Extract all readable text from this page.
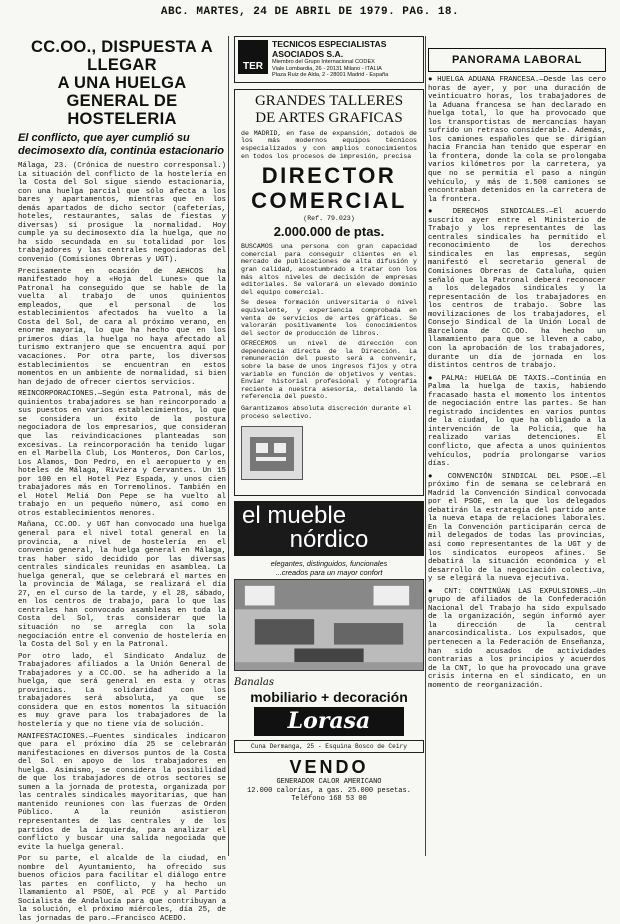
ABC. MARTES, 24 DE ABRIL DE 1979. PAG. 18.
CC.OO., DISPUESTA A LLEGAR
A UNA HUELGA GENERAL DE
HOSTELERIA
El conflicto, que ayer cumplió su decimosexto día, continúa estacionario

Málaga, 23. (Crónica de nuestro corresponsal.) La situación del conflicto de la hostelería en la Costa del Sol sigue siendo estacionaria, con una huelga parcial que sólo afecta a los bares y apartamentos, mientras que en los demás apartados de dicho sector (cafeterías, hoteles, restaurantes, salas de fiestas y diversas) sí prosigue la normalidad. Hoy cumple ya su decimosexto día la huelga, que no ha sido secundada en su totalidad por los trabajadores y las centrales negociadoras del convenio (Comisiones Obreras y UGT).

Precisamente en ocasión de AEHCOS ha manifestado hoy a «Hoja del Lunes» que la Patronal ha conseguido que se hable de la vuelta al trabajo de unos quinientos empleados, que el personal de los establecimientos afectados ha vuelto a la Costa del Sol, de cara al próximo verano, en enorme mayoría, lo que ha hecho que en los primeros días la huelga no haya afectado al turismo extranjero que se encuentra aquí por vacaciones. Por otra parte, los diversos establecimientos se encuentran en estos momentos en un ambiente de normalidad, si bien han dejado de ofrecer ciertos servicios.

REINCORPORACIONES.—Según esta Patronal, más de quinientos trabajadores se han reincorporado a sus puestos en varios establecimientos, lo que se considera un éxito de la postura negociadora de los empresarios, que consideran que las reivindicaciones planteadas son excesivas. La reincorporación ha tenido lugar en el Marbella Club, Los Monteros, Don Carlos, Los Alamos, Don Pedro, en el aeropuerto y en hoteles de Málaga, Riviera y Cervantes. Un 15 por 100 en el Hotel Pez Espada, y unos cien trabajadores más en Torremolinos. También en el Hotel Meliá Don Pepe se ha vuelto al trabajo en un pequeño número, así como en otros establecimientos menores.

Mañana, CC.OO. y UGT han convocado una huelga general para el nivel total general en la provincia, a nivel de hostelería en el convenio general, la huelga general en Málaga, tras haber sido decidido por las diversas centrales sindicales reunidas en asamblea. La huelga general, que se celebrará el martes en la provincia de Málaga, se realizará el día 27, en el curso de la tarde, y el 28, sábado, en los centros de trabajo, para lo que las centrales han convocado asambleas en toda la Costa del Sol, tras considerar que la situación no se arregla con la sola negociación entre el convenio de hostelería en la Costa del Sol y en la Patronal.

Por otro lado, el Sindicato Andaluz de Trabajadores afiliados a la Unión General de Trabajadores y a CC.OO. se ha adherido a la huelga, que será general en esta y otras provincias. La solidaridad con los trabajadores será absoluta, ya que se considera que en estos momentos la situación es muy grave para los trabajadores de la hostelería y que no tiene vía de solución.

MANIFESTACIONES.—Fuentes sindicales indicaron que para el próximo día 25 se celebrarán manifestaciones en diversos puntos de la Costa del Sol en apoyo de los trabajadores en huelga. Asimismo, se considera la posibilidad de que los trabajadores de otros sectores se sumen a la jornada de protesta, organizada por las centrales sindicales mayoritarias, que han mantenido reuniones con las fuerzas de Orden Público. A la reunión asistieron representantes de las centrales y de los partidos de la izquierda, para analizar el conflicto y buscar una salida negociada que evite la huelga general.

Por su parte, el alcalde de la ciudad, en nombre del Ayuntamiento, ha ofrecido sus buenos oficios para facilitar el diálogo entre las partes en conflicto, y ha hecho un llamamiento al PSOE, al PCE y al Partido Socialista de Andalucía para que contribuyan a la solución, el próximo miércoles, día 25, de las jornadas de paro.—Francisco ACEDO.

TER
TECNICOS ESPECIALISTAS
ASOCIADOS S.A.
Miembro del Grupo Internacional CODEX
Viale Lombardia, 26 - 20131 Milano - ITALIA
Plaza Ruiz de Alda, 2 - 28001 Madrid - España
GRANDES TALLERES
DE ARTES GRAFICAS

de MADRID, en fase de expansión, dotados de los más modernos equipos técnicos especializados y con amplios conocimientos en todos los procesos de impresión, precisa

DIRECTOR
COMERCIAL
(Ref. 79.023)
2.000.000 de ptas.

BUSCAMOS una persona con gran capacidad comercial para conseguir clientes en el mercado de publicaciones de alta difusión y gran calidad, acostumbrado a tratar con los más altos niveles de decisión de empresas editoriales. Se valorará un elevado dominio del equipo comercial.

Se desea formación universitaria o nivel equivalente, y experiencia comprobada en venta de servicios de artes gráficas. Se valorarán positivamente los conocimientos del sector de producción de libros.

OFRECEMOS un nivel de dirección con dependencia directa de la Dirección. La remuneración del puesto será a convenir, sobre la base de unos ingresos fijos y otra variable en función de objetivos y ventas. Enviar historial profesional y fotografía reciente a nuestra asesoría, detallando la referencia del puesto.

Garantizamos absoluta discreción durante el proceso selectivo.
el mueble
nórdico
elegantes, distinguidos, funcionales
...creados para un mayor confort
Banalas
mobiliario + decoración
Lorasa
Cuna Dermanga, 25 - Esquina Bosco de Ceiry
VENDO
GENERADOR CALOR AMERICANO
12.000 calorías, a gas. 25.000 pesetas.
Teléfono 168 53 00
PANORAMA LABORAL

● HUELGA ADUANA FRANCESA.—Desde las cero horas de ayer, y por una duración de veinticuatro horas, los trabajadores de la Aduana francesa se han declarado en huelga total, lo que ha provocado que los transportistas de mercancías hayan sufrido un retraso considerable. Además, los camiones españoles que se dirigían hacia Francia han tenido que esperar en la frontera, donde la cola se prolongaba varios kilómetros por la carretera, ya que no se permitía el paso a ningún vehículo, y más de 1.500 camiones se encontraban detenidos en la carretera de la frontera.

● DERECHOS SINDICALES.—El acuerdo suscrito ayer entre el Ministerio de Trabajo y los representantes de las centrales sindicales ha permitido el reconocimiento de los derechos sindicales en las empresas, según manifestó el secretario general de Comisiones Obreras de Cataluña, quien señaló que la Patronal deberá reconocer a los delegados sindicales y la representación de los trabajadores en los centros de trabajo. Sobre las movilizaciones de los trabajadores, el Consejo Sindical de la Unión Local de Barcelona de CC.OO. ha hecho un llamamiento para que se lleven a cabo, con la aprobación de los trabajadores, durante un día de jornada en los distintos centros de trabajo.

● PALMA: HUELGA DE TAXIS.—Continúa en Palma la huelga de taxis, habiendo fracasado hasta el momento los intentos de negociación entre las partes. Se han registrado incidentes en varios puntos de la ciudad, lo que ha obligado a la intervención de la Policía, que ha realizado varias detenciones. El conflicto, que afecta a unos quinientos vehículos, podría prolongarse varios días.

● CONVENCIÓN SINDICAL DEL PSOE.—El próximo fin de semana se celebrará en Madrid la Convención Sindical convocada por el PSOE, en la que los delegados debatirán la estrategia del partido ante la nueva etapa de relaciones laborales. En la Convención participarán cerca de mil delegados de todas las provincias, así como representantes de la UGT y de los sindicatos europeos afines. Se debatirá la situación económica y el desarrollo de la negociación colectiva, y se elegirá la nueva ejecutiva.

● CNT: CONTINÚAN LAS EXPULSIONES.—Un grupo de afiliados de la Confederación Nacional del Trabajo ha sido expulsado de la organización, según informó ayer la dirección de la central anarcosindicalista. Los expulsados, que pertenecen a la Federación de Enseñanza, han sido acusados de actividades contrarias a los principios y acuerdos de la CNT, lo que ha provocado una grave crisis interna en el sindicato, en un momento de reorganización.
